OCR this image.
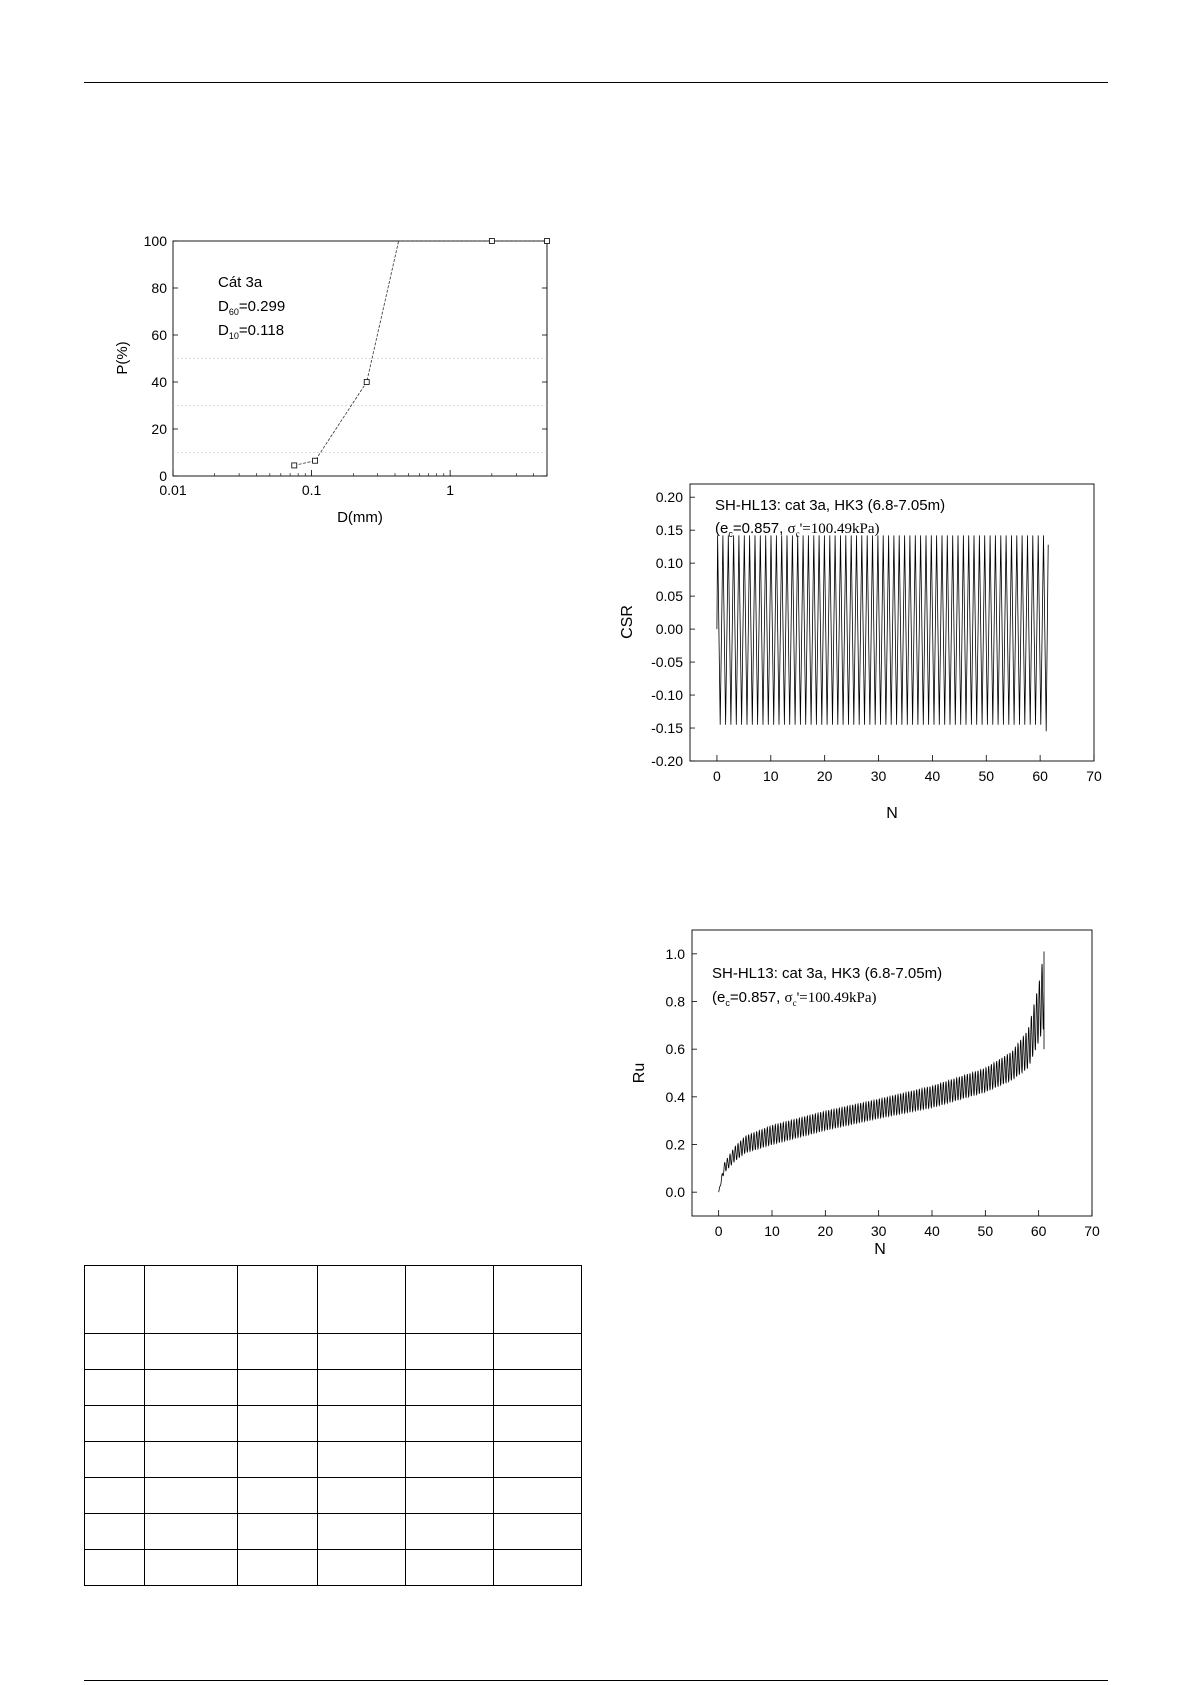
0
20
40
60
80
100
0.01	0.1	1
D(mm)
P(%)
Cát 3a
$D_{60}=0.299$
$D_{10}=0.118$
0.20
0.15
0.10
0.05
0.00
-0.05
-0.10
-0.15
-0.20
0	10	20	30	40	50	60	70
N
CSR
SH-HL13: cat 3a, HK3 (6.8-7.05m)
($e_c=0.857$, $\sigma_c'=100.49kPa$)
0.0
0.2
0.4
0.6
0.8
1.0
0	10	20	30	40	50	60	70
N
Ru
SH-HL13: cat 3a, HK3 (6.8-7.05m)
($e_c=0.857$, $\sigma_c'=100.49kPa$)
